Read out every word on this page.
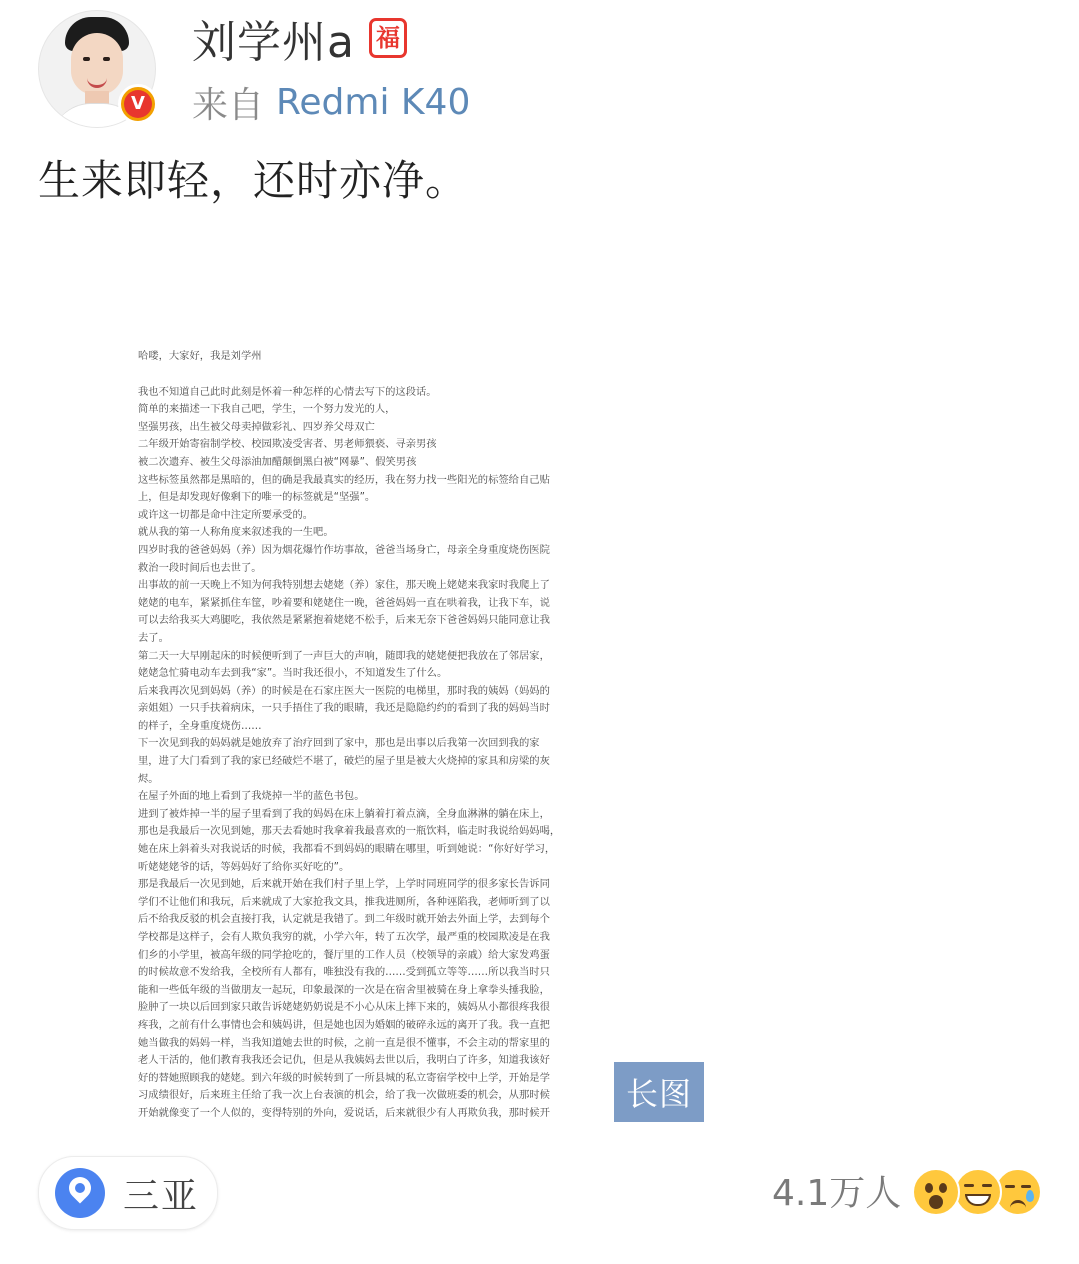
V
刘学州a 福
来自 Redmi K40
生来即轻，还时亦净。
哈喽，大家好，我是刘学州
我也不知道自己此时此刻是怀着一种怎样的心情去写下的这段话。
简单的来描述一下我自己吧，学生，一个努力发光的人，
坚强男孩，出生被父母卖掉做彩礼、四岁养父母双亡
二年级开始寄宿制学校、校园欺凌受害者、男老师猥亵、寻亲男孩
被二次遗弃、被生父母添油加醋颠倒黑白被“网暴”、假笑男孩
这些标签虽然都是黑暗的，但的确是我最真实的经历，我在努力找一些阳光的标签给自己贴
上，但是却发现好像剩下的唯一的标签就是“坚强”。
或许这一切都是命中注定所要承受的。
就从我的第一人称角度来叙述我的一生吧。
四岁时我的爸爸妈妈（养）因为烟花爆竹作坊事故，爸爸当场身亡，母亲全身重度烧伤医院
救治一段时间后也去世了。
出事故的前一天晚上不知为何我特别想去姥姥（养）家住，那天晚上姥姥来我家时我爬上了
姥姥的电车，紧紧抓住车筐，吵着要和姥姥住一晚，爸爸妈妈一直在哄着我，让我下车，说
可以去给我买大鸡腿吃，我依然是紧紧抱着姥姥不松手，后来无奈下爸爸妈妈只能同意让我
去了。
第二天一大早刚起床的时候便听到了一声巨大的声响，随即我的姥姥便把我放在了邻居家，
姥姥急忙骑电动车去到我“家”。当时我还很小，不知道发生了什么。
后来我再次见到妈妈（养）的时候是在石家庄医大一医院的电梯里，那时我的姨妈（妈妈的
亲姐姐）一只手扶着病床，一只手捂住了我的眼睛，我还是隐隐约约的看到了我的妈妈当时
的样子，全身重度烧伤……
下一次见到我的妈妈就是她放弃了治疗回到了家中，那也是出事以后我第一次回到我的家
里，进了大门看到了我的家已经破烂不堪了，破烂的屋子里是被大火烧掉的家具和房梁的灰
烬。
在屋子外面的地上看到了我烧掉一半的蓝色书包。
进到了被炸掉一半的屋子里看到了我的妈妈在床上躺着打着点滴，全身血淋淋的躺在床上，
那也是我最后一次见到她，那天去看她时我拿着我最喜欢的一瓶饮料，临走时我说给妈妈喝，
她在床上斜着头对我说话的时候，我都看不到妈妈的眼睛在哪里，听到她说：“你好好学习，
听姥姥姥爷的话，等妈妈好了给你买好吃的”。
那是我最后一次见到她，后来就开始在我们村子里上学，上学时同班同学的很多家长告诉同
学们不让他们和我玩，后来就成了大家抢我文具，推我进厕所，各种诬陷我，老师听到了以
后不给我反驳的机会直接打我，认定就是我错了。到二年级时就开始去外面上学，去到每个
学校都是这样子，会有人欺负我穷的就，小学六年，转了五次学，最严重的校园欺凌是在我
们乡的小学里，被高年级的同学抢吃的，餐厅里的工作人员（校领导的亲戚）给大家发鸡蛋
的时候故意不发给我，全校所有人都有，唯独没有我的……受到孤立等等……所以我当时只
能和一些低年级的当做朋友一起玩，印象最深的一次是在宿舍里被骑在身上拿拳头捶我脸，
脸肿了一块以后回到家只敢告诉姥姥奶奶说是不小心从床上摔下来的，姨妈从小都很疼我很
疼我，之前有什么事情也会和姨妈讲，但是她也因为婚姻的破碎永远的离开了我。我一直把
她当做我的妈妈一样，当我知道她去世的时候，之前一直是很不懂事，不会主动的帮家里的
老人干活的，他们教育我我还会记仇，但是从我姨妈去世以后，我明白了许多，知道我该好
好的替她照顾我的姥姥。到六年级的时候转到了一所县城的私立寄宿学校中上学，开始是学
习成绩很好，后来班主任给了我一次上台表演的机会，给了我一次做班委的机会，从那时候
开始就像变了一个人似的，变得特别的外向，爱说话，后来就很少有人再欺负我，那时候开	长图
三亚	4.1万人
